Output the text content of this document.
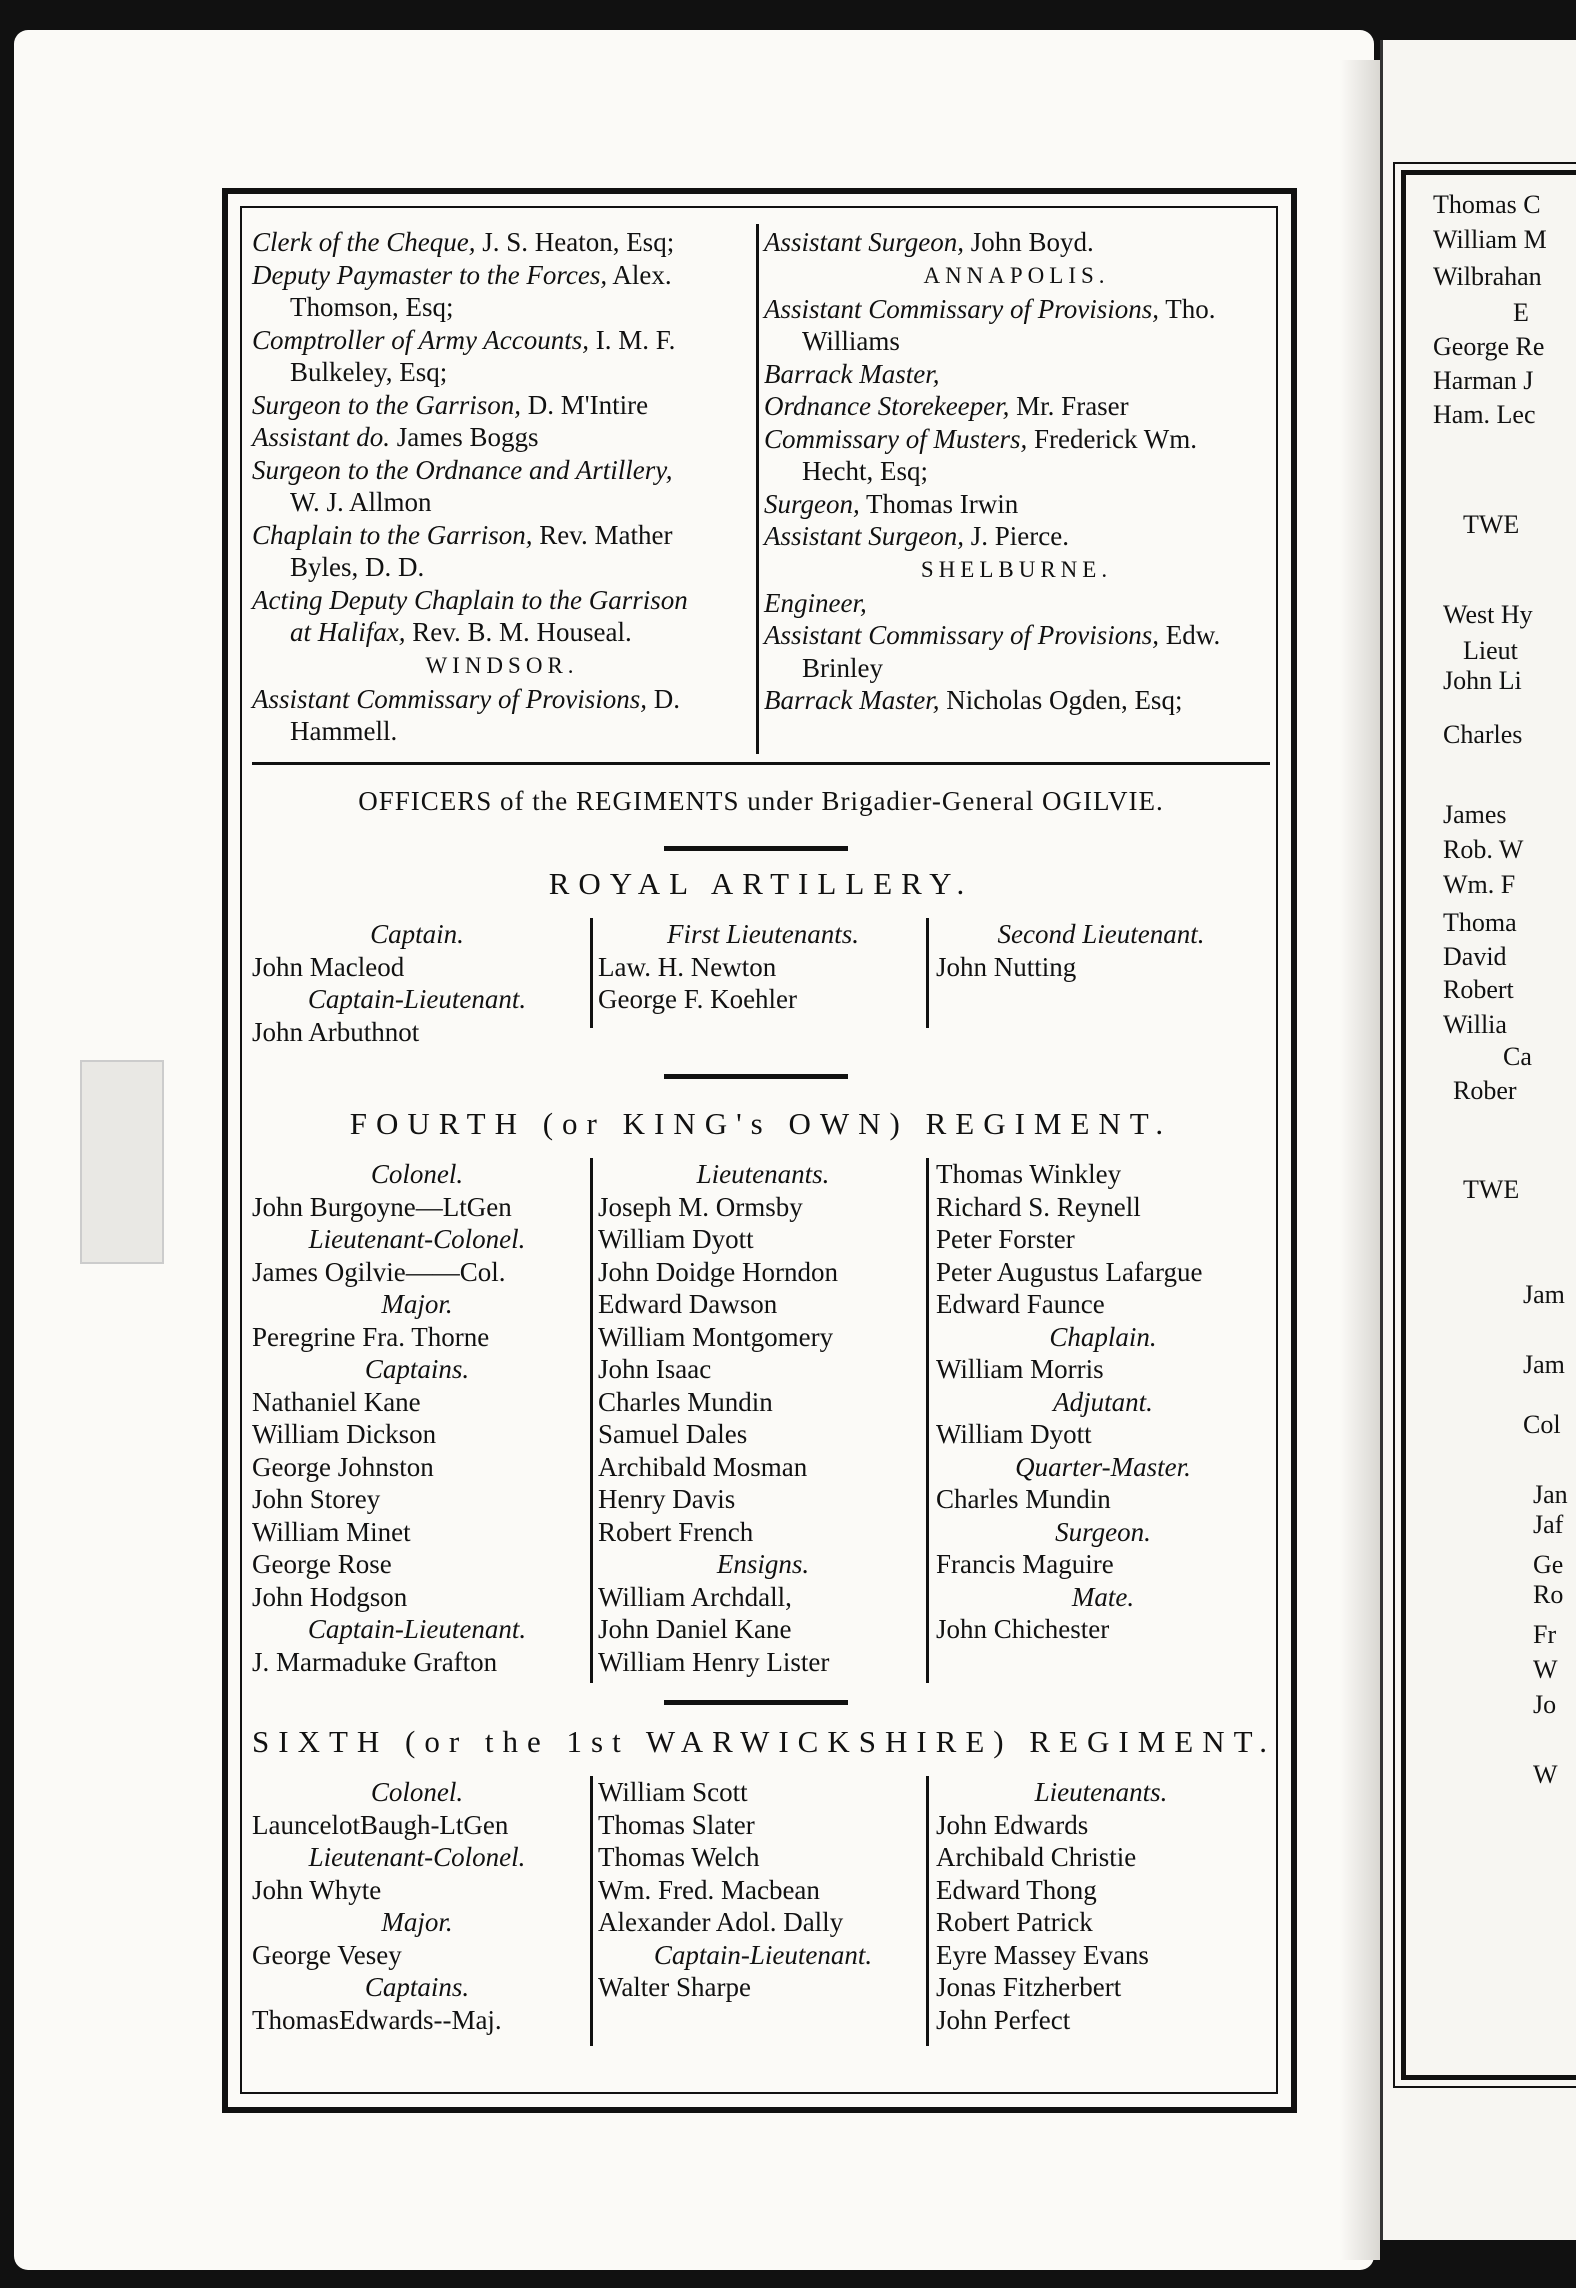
Thomas C
William M
Wilbrahan
E
George Re
Harman J
Ham. Lec
TWE
West Hy
Lieut
John Li
Charles
James
Rob. W
Wm. F
Thoma
David
Robert
Willia
Ca
Rober
TWE
Jam
Jam
Col
Jan
Jaf
Ge
Ro
Fr
W
Jo
W
Clerk of the Cheque, J. S. Heaton, Esq;
Deputy Paymaster to the Forces, Alex.
Thomson, Esq;
Comptroller of Army Accounts, I. M. F.
Bulkeley, Esq;
Surgeon to the Garrison, D. M'Intire
Assistant do. James Boggs
Surgeon to the Ordnance and Artillery,
W. J. Allmon
Chaplain to the Garrison, Rev. Mather
Byles, D. D.
Acting Deputy Chaplain to the Garrison
at Halifax, Rev. B. M. Houseal.
WINDSOR.
Assistant Commissary of Provisions, D.
Hammell.
Assistant Surgeon, John Boyd.
ANNAPOLIS.
Assistant Commissary of Provisions, Tho.
Williams
Barrack Master,
Ordnance Storekeeper, Mr. Fraser
Commissary of Musters, Frederick Wm.
Hecht, Esq;
Surgeon, Thomas Irwin
Assistant Surgeon, J. Pierce.
SHELBURNE.
Engineer,
Assistant Commissary of Provisions, Edw.
Brinley
Barrack Master, Nicholas Ogden, Esq;
OFFICERS of the REGIMENTS under Brigadier-General OGILVIE.
ROYAL ARTILLERY.
Captain.
John Macleod
Captain-Lieutenant.
John Arbuthnot
First Lieutenants.
Law. H. Newton
George F. Koehler
Second Lieutenant.
John Nutting
FOURTH (or KING's OWN) REGIMENT.
Colonel.
John Burgoyne—LtGen
Lieutenant-Colonel.
James Ogilvie——Col.
Major.
Peregrine Fra. Thorne
Captains.
Nathaniel Kane
William Dickson
George Johnston
John Storey
William Minet
George Rose
John Hodgson
Captain-Lieutenant.
J. Marmaduke Grafton
Lieutenants.
Joseph M. Ormsby
William Dyott
John Doidge Horndon
Edward Dawson
William Montgomery
John Isaac
Charles Mundin
Samuel Dales
Archibald Mosman
Henry Davis
Robert French
Ensigns.
William Archdall,
John Daniel Kane
William Henry Lister
Thomas Winkley
Richard S. Reynell
Peter Forster
Peter Augustus Lafargue
Edward Faunce
Chaplain.
William Morris
Adjutant.
William Dyott
Quarter-Master.
Charles Mundin
Surgeon.
Francis Maguire
Mate.
John Chichester
SIXTH (or the 1st WARWICKSHIRE) REGIMENT.
Colonel.
LauncelotBaugh-LtGen
Lieutenant-Colonel.
John Whyte
Major.
George Vesey
Captains.
ThomasEdwards--Maj.
William Scott
Thomas Slater
Thomas Welch
Wm. Fred. Macbean
Alexander Adol. Dally
Captain-Lieutenant.
Walter Sharpe
Lieutenants.
John Edwards
Archibald Christie
Edward Thong
Robert Patrick
Eyre Massey Evans
Jonas Fitzherbert
John Perfect
